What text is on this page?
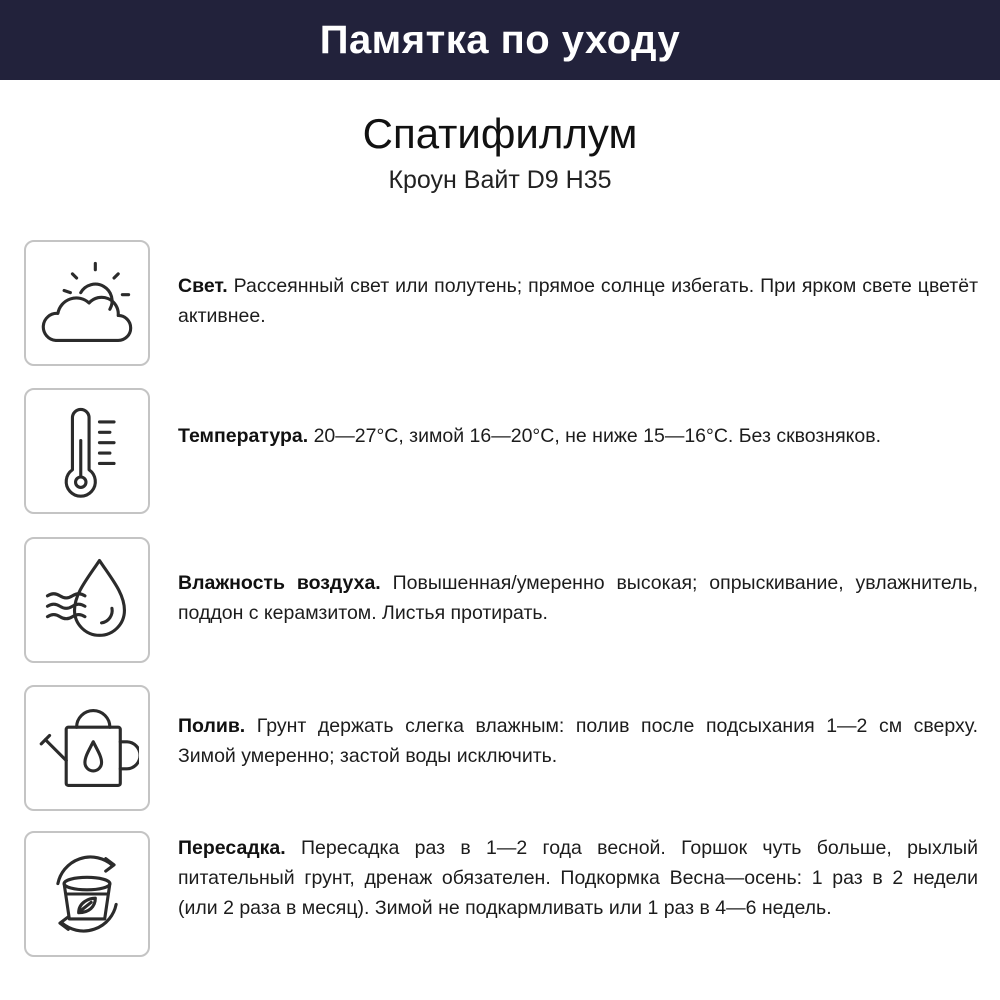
Памятка по уходу
Спатифиллум
Кроун Вайт D9 H35
Свет. Рассеянный свет или полутень; прямое солнце избегать. При ярком свете цветёт активнее.
Температура. 20—27°C, зимой 16—20°C, не ниже 15—16°C. Без сквозняков.
Влажность воздуха. Повышенная/умеренно высокая; опрыскивание, увлажнитель, поддон с керамзитом. Листья протирать.
Полив. Грунт держать слегка влажным: полив после подсыхания 1—2 см сверху. Зимой умеренно; застой воды исключить.
Пересадка. Пересадка раз в 1—2 года весной. Горшок чуть больше, рыхлый питательный грунт, дренаж обязателен. Подкормка Весна—осень: 1 раз в 2 недели (или 2 раза в месяц). Зимой не подкармливать или 1 раз в 4—6 недель.
